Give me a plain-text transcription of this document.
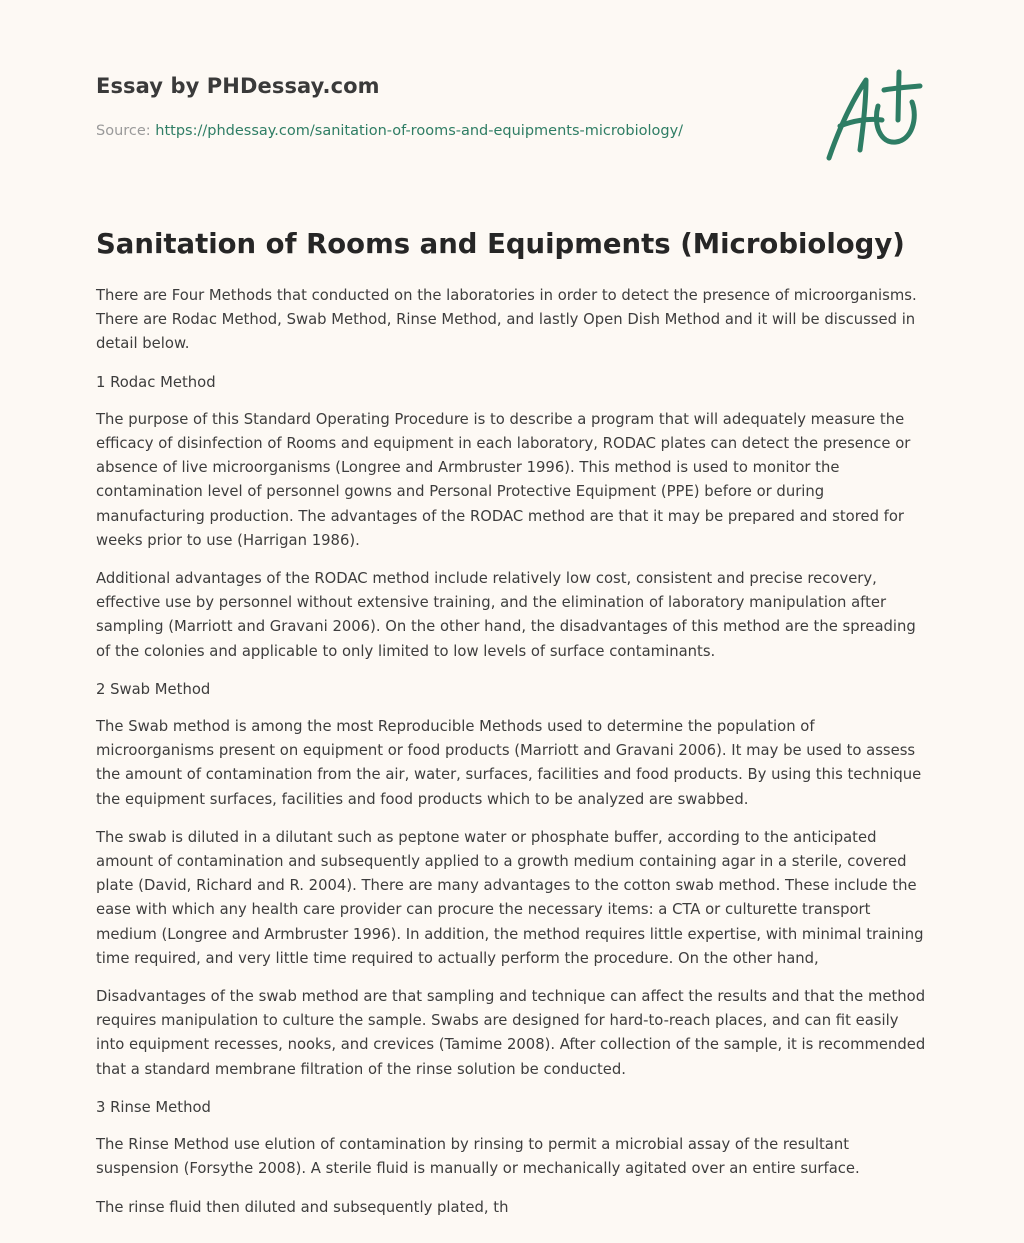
Essay by PHDessay.com

Source: https://phdessay.com/sanitation-of-rooms-and-equipments-microbiology/

Sanitation of Rooms and Equipments (Microbiology)

There are Four Methods that conducted on the laboratories in order to detect the presence of microorganisms. There are Rodac Method, Swab Method, Rinse Method, and lastly Open Dish Method and it will be discussed in detail below.

1 Rodac Method

The purpose of this Standard Operating Procedure is to describe a program that will adequately measure the efficacy of disinfection of Rooms and equipment in each laboratory, RODAC plates can detect the presence or absence of live microorganisms (Longree and Armbruster 1996). This method is used to monitor the contamination level of personnel gowns and Personal Protective Equipment (PPE) before or during manufacturing production. The advantages of the RODAC method are that it may be prepared and stored for weeks prior to use (Harrigan 1986).

Additional advantages of the RODAC method include relatively low cost, consistent and precise recovery, effective use by personnel without extensive training, and the elimination of laboratory manipulation after sampling (Marriott and Gravani 2006). On the other hand, the disadvantages of this method are the spreading of the colonies and applicable to only limited to low levels of surface contaminants.

2 Swab Method

The Swab method is among the most Reproducible Methods used to determine the population of microorganisms present on equipment or food products (Marriott and Gravani 2006). It may be used to assess the amount of contamination from the air, water, surfaces, facilities and food products. By using this technique the equipment surfaces, facilities and food products which to be analyzed are swabbed.

The swab is diluted in a dilutant such as peptone water or phosphate buffer, according to the anticipated amount of contamination and subsequently applied to a growth medium containing agar in a sterile, covered plate (David, Richard and R. 2004). There are many advantages to the cotton swab method. These include the ease with which any health care provider can procure the necessary items: a CTA or culturette transport medium (Longree and Armbruster 1996). In addition, the method requires little expertise, with minimal training time required, and very little time required to actually perform the procedure. On the other hand,

Disadvantages of the swab method are that sampling and technique can affect the results and that the method requires manipulation to culture the sample. Swabs are designed for hard-to-reach places, and can fit easily into equipment recesses, nooks, and crevices (Tamime 2008). After collection of the sample, it is recommended that a standard membrane filtration of the rinse solution be conducted.

3 Rinse Method

The Rinse Method use elution of contamination by rinsing to permit a microbial assay of the resultant suspension (Forsythe 2008). A sterile fluid is manually or mechanically agitated over an entire surface.

The rinse fluid then diluted and subsequently plated, th
